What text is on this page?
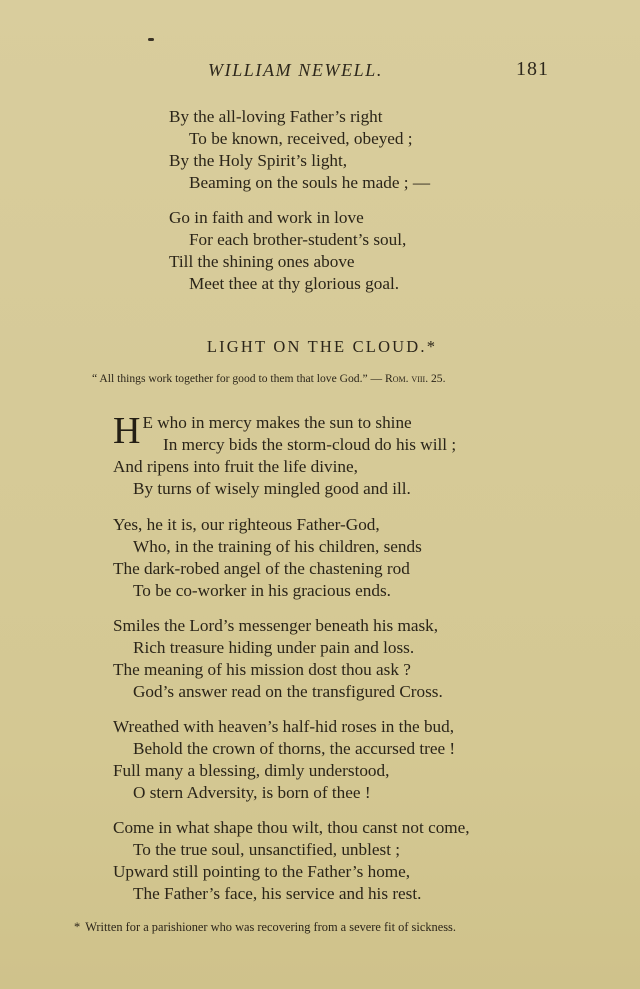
WILLIAM NEWELL.	181
By the all-loving Father’s right
To be known, received, obeyed ;
By the Holy Spirit’s light,
Beaming on the souls he made ; —
Go in faith and work in love
For each brother-student’s soul,
Till the shining ones above
Meet thee at thy glorious goal.
LIGHT ON THE CLOUD.*
“ All things work together for good to them that love God.” — Rom. viii. 25.
H E who in mercy makes the sun to shine
In mercy bids the storm-cloud do his will ;
And ripens into fruit the life divine,
By turns of wisely mingled good and ill.
Yes, he it is, our righteous Father-God,
Who, in the training of his children, sends
The dark-robed angel of the chastening rod
To be co-worker in his gracious ends.
Smiles the Lord’s messenger beneath his mask,
Rich treasure hiding under pain and loss.
The meaning of his mission dost thou ask ?
God’s answer read on the transfigured Cross.
Wreathed with heaven’s half-hid roses in the bud,
Behold the crown of thorns, the accursed tree !
Full many a blessing, dimly understood,
O stern Adversity, is born of thee !
Come in what shape thou wilt, thou canst not come,
To the true soul, unsanctified, unblest ;
Upward still pointing to the Father’s home,
The Father’s face, his service and his rest.
* Written for a parishioner who was recovering from a severe fit of sickness.
